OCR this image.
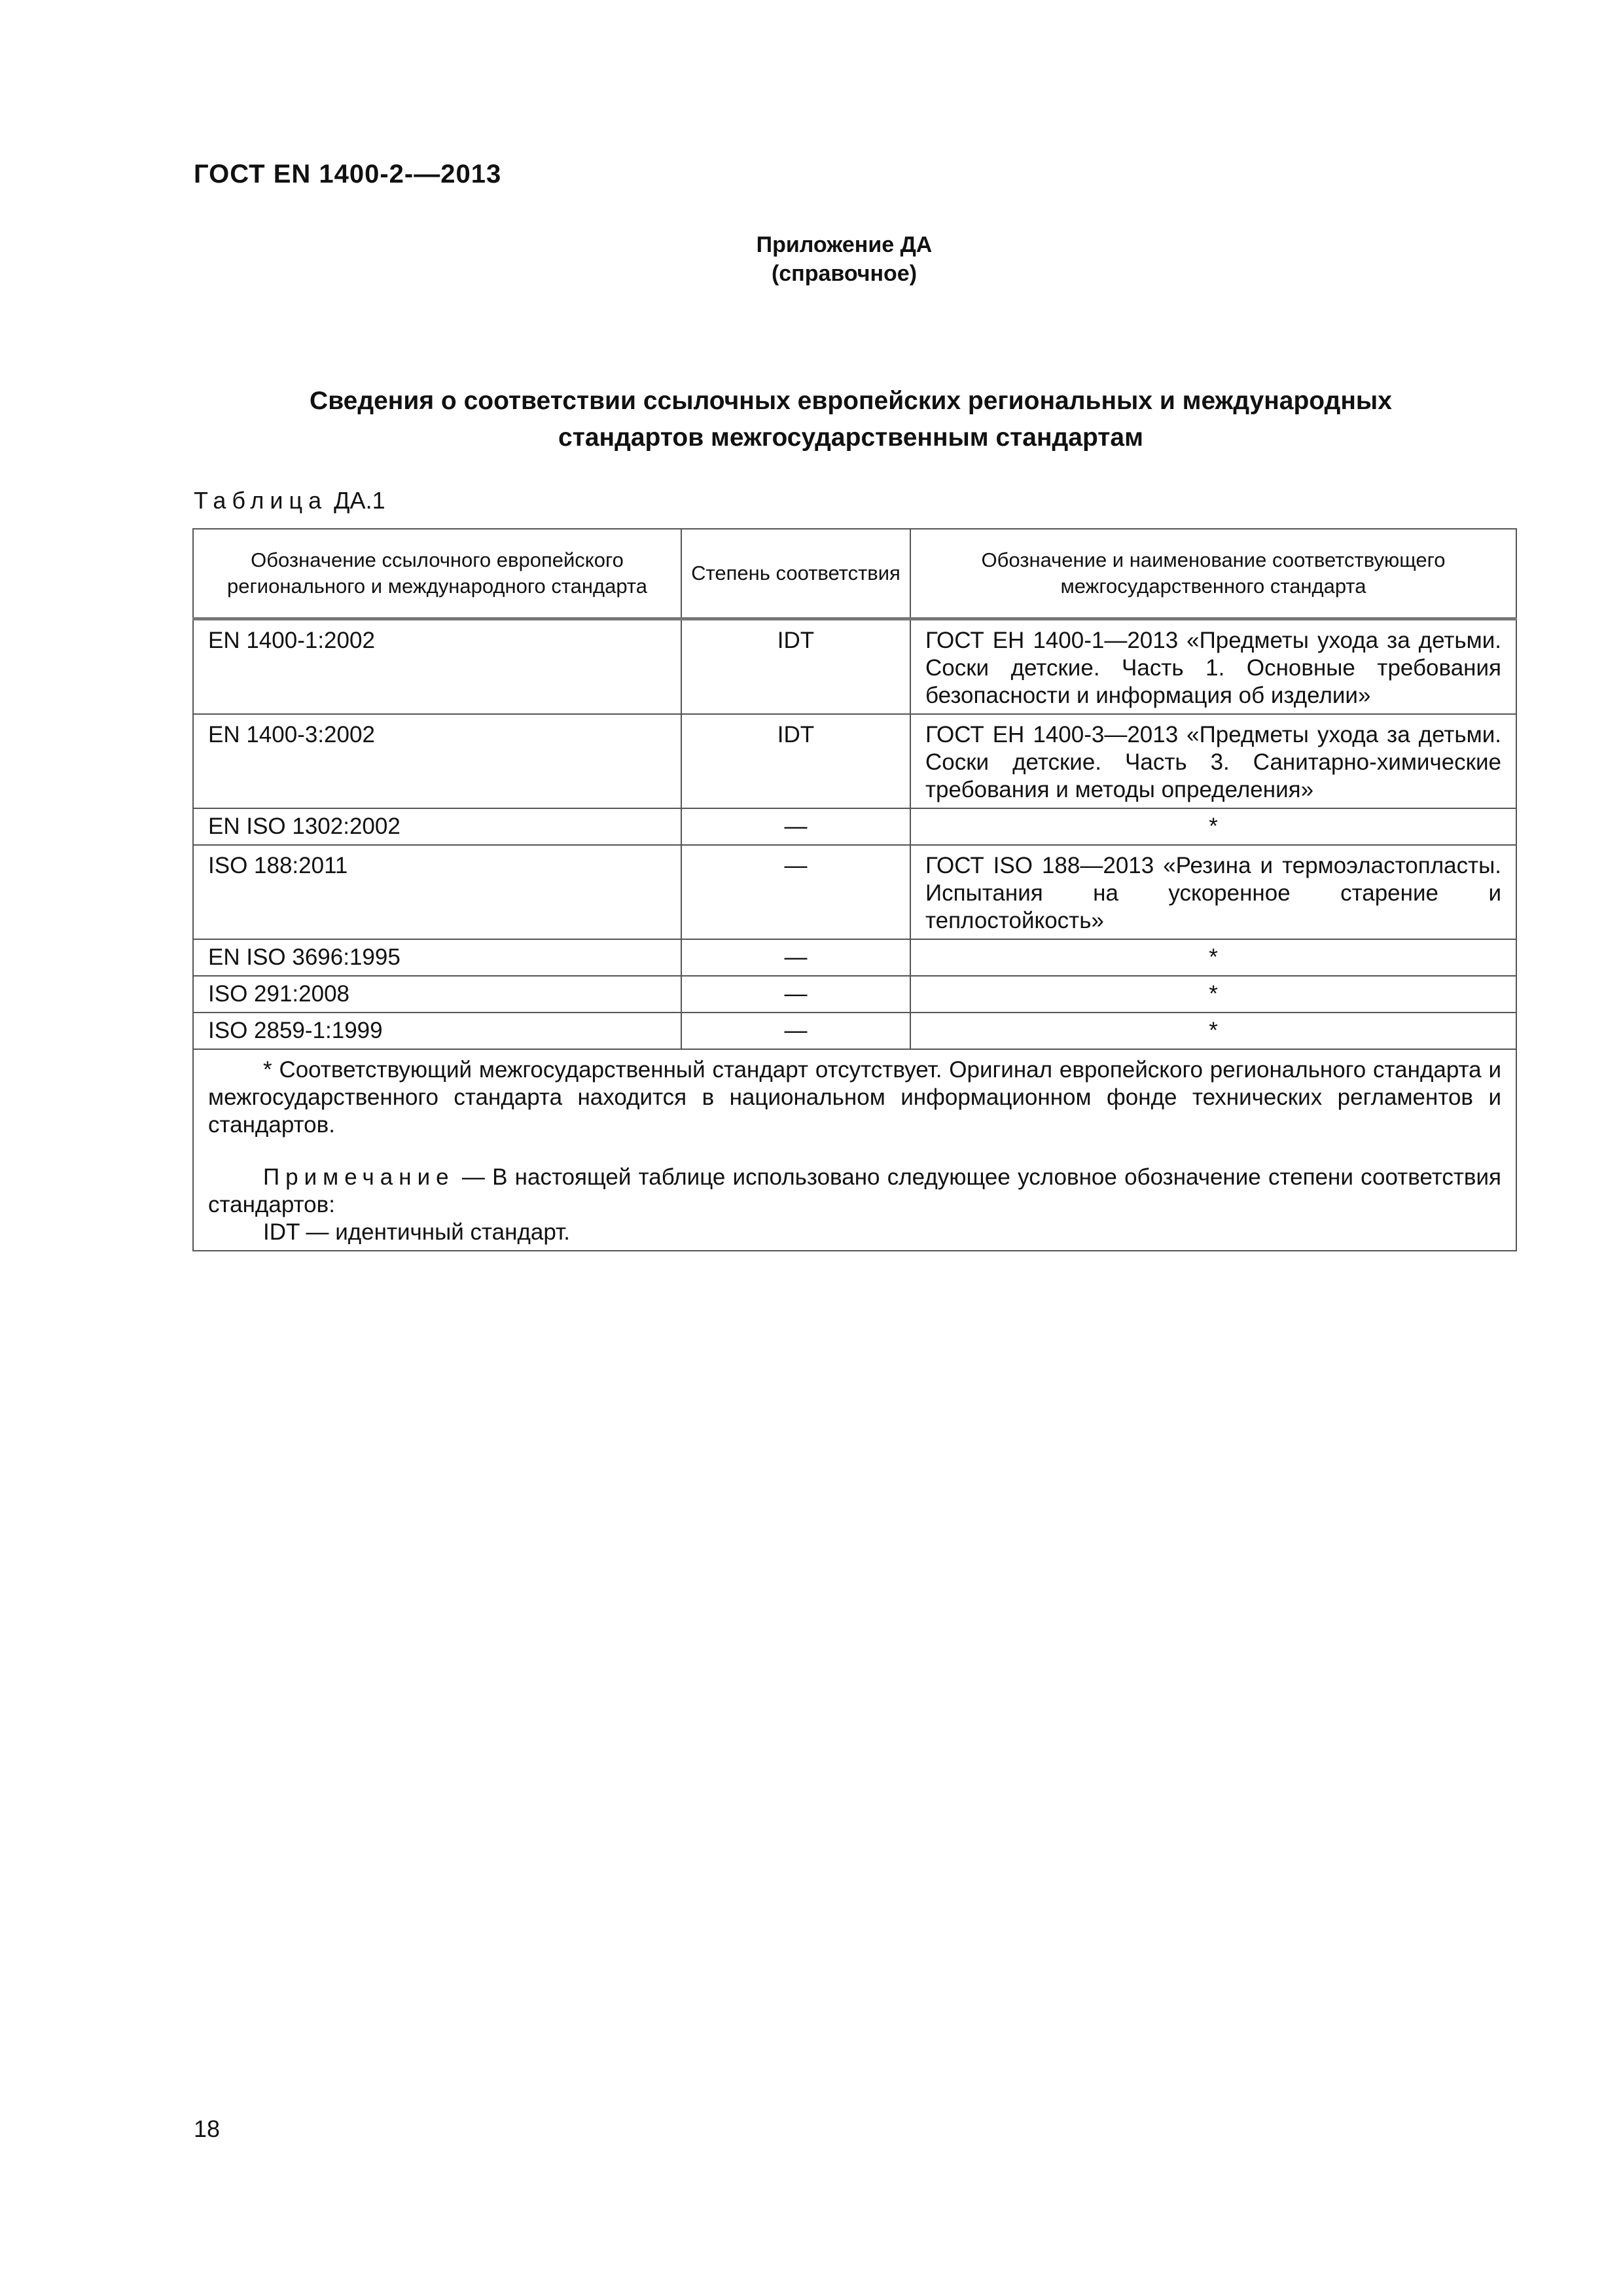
ГОСТ EN 1400-2-—2013
Приложение ДА
(справочное)
Сведения о соответствии ссылочных европейских региональных и международных
стандартов межгосударственным стандартам
Таблица ДА.1
Обозначение ссылочного европейского регионального и международного стандарта	Степень соответствия	Обозначение и наименование соответствующего межгосударственного стандарта
EN 1400-1:2002	IDT	ГОСТ ЕН 1400-1—2013 «Предметы ухода за детьми. Соски детские. Часть 1. Основные требования безопасности и информация об изделии»
EN 1400-3:2002	IDT	ГОСТ ЕН 1400-3—2013 «Предметы ухода за детьми. Соски детские. Часть 3. Санитарно-химические требования и методы определения»
EN ISO 1302:2002	—	*
ISO 188:2011	—	ГОСТ ISO 188—2013 «Резина и термоэластопласты. Испытания на ускоренное старение и теплостойкость»
EN ISO 3696:1995	—	*
ISO 291:2008	—	*
ISO 2859-1:1999	—	*

* Соответствующий межгосударственный стандарт отсутствует. Оригинал европейского регионального стандарта и межгосударственного стандарта находится в национальном информационном фонде технических регламентов и стандартов.

Примечание — В настоящей таблице использовано следующее условное обозначение степени соответствия стандартов:

IDT — идентичный стандарт.		

18
